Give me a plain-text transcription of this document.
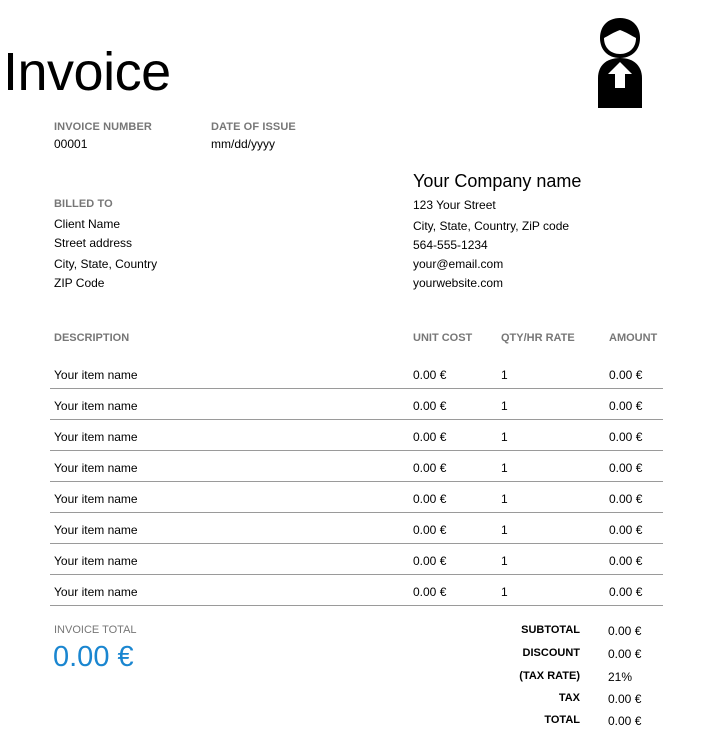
Invoice
INVOICE NUMBER
00001
DATE OF ISSUE
mm/dd/yyyy
BILLED TO
Client Name
Street address
City, State, Country
ZIP Code
Your Company name
123 Your Street
City, State, Country, ZiP code
564-555-1234
your@email.com
yourwebsite.com
DESCRIPTION	UNIT COST	QTY/HR RATE	AMOUNT
Your item name	0.00 €	1	0.00 €
Your item name	0.00 €	1	0.00 €
Your item name	0.00 €	1	0.00 €
Your item name	0.00 €	1	0.00 €
Your item name	0.00 €	1	0.00 €
Your item name	0.00 €	1	0.00 €
Your item name	0.00 €	1	0.00 €
Your item name	0.00 €	1	0.00 €
INVOICE TOTAL
0.00 €
SUBTOTAL 0.00 €
DISCOUNT 0.00 €
(TAX RATE) 21%
TAX 0.00 €
TOTAL 0.00 €
